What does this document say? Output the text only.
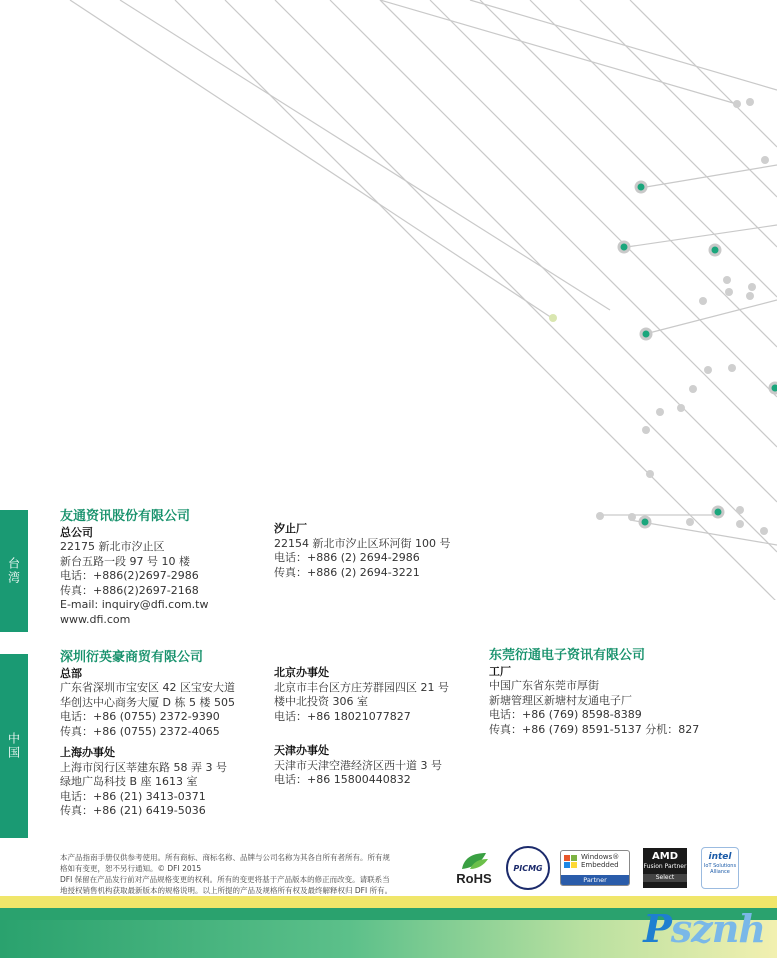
台湾
中国
友通资讯股份有限公司
总公司
22175 新北市汐止区
新台五路一段 97 号 10 楼
电话：+886(2)2697-2986
传真：+886(2)2697-2168
E-mail: inquiry@dfi.com.tw
www.dfi.com
汐止厂
22154 新北市汐止区环河街 100 号
电话：+886 (2) 2694-2986
传真：+886 (2) 2694-3221
深圳衍英豪商贸有限公司
总部
广东省深圳市宝安区 42 区宝安大道
华创达中心商务大厦 D 栋 5 楼 505
电话：+86 (0755) 2372-9390
传真：+86 (0755) 2372-4065
北京办事处
北京市丰台区方庄芳群园四区 21 号
楼中北投资 306 室
电话：+86 18021077827
东莞衍通电子资讯有限公司
工厂
中国广东省东莞市厚街
新塘管理区新塘村友通电子厂
电话：+86 (769) 8598-8389
传真：+86 (769) 8591-5137 分机：827
上海办事处
上海市闵行区莘建东路 58 弄 3 号
绿地广岛科技 B 座 1613 室
电话：+86 (21) 3413-0371
传真：+86 (21) 6419-5036
天津办事处
天津市天津空港经济区西十道 3 号
电话：+86 15800440832
本产品指南手册仅供参考使用。所有商标、商标名称、品牌与公司名称为其各自所有者所有。所有规
格如有变更，恕不另行通知。© DFI 2015
DFI 保留在产品发行前对产品规格变更的权利。所有的变更将基于产品版本的修正而改变。请联系当
地授权销售机构获取最新版本的规格说明。以上所提的产品及规格所有权及最终解释权归 DFI 所有。
RoHS
PICMG
Windows®
Embedded
Partner
AMD
Fusion Partner
Select
intel
IoT Solutions
Alliance
Psznh
